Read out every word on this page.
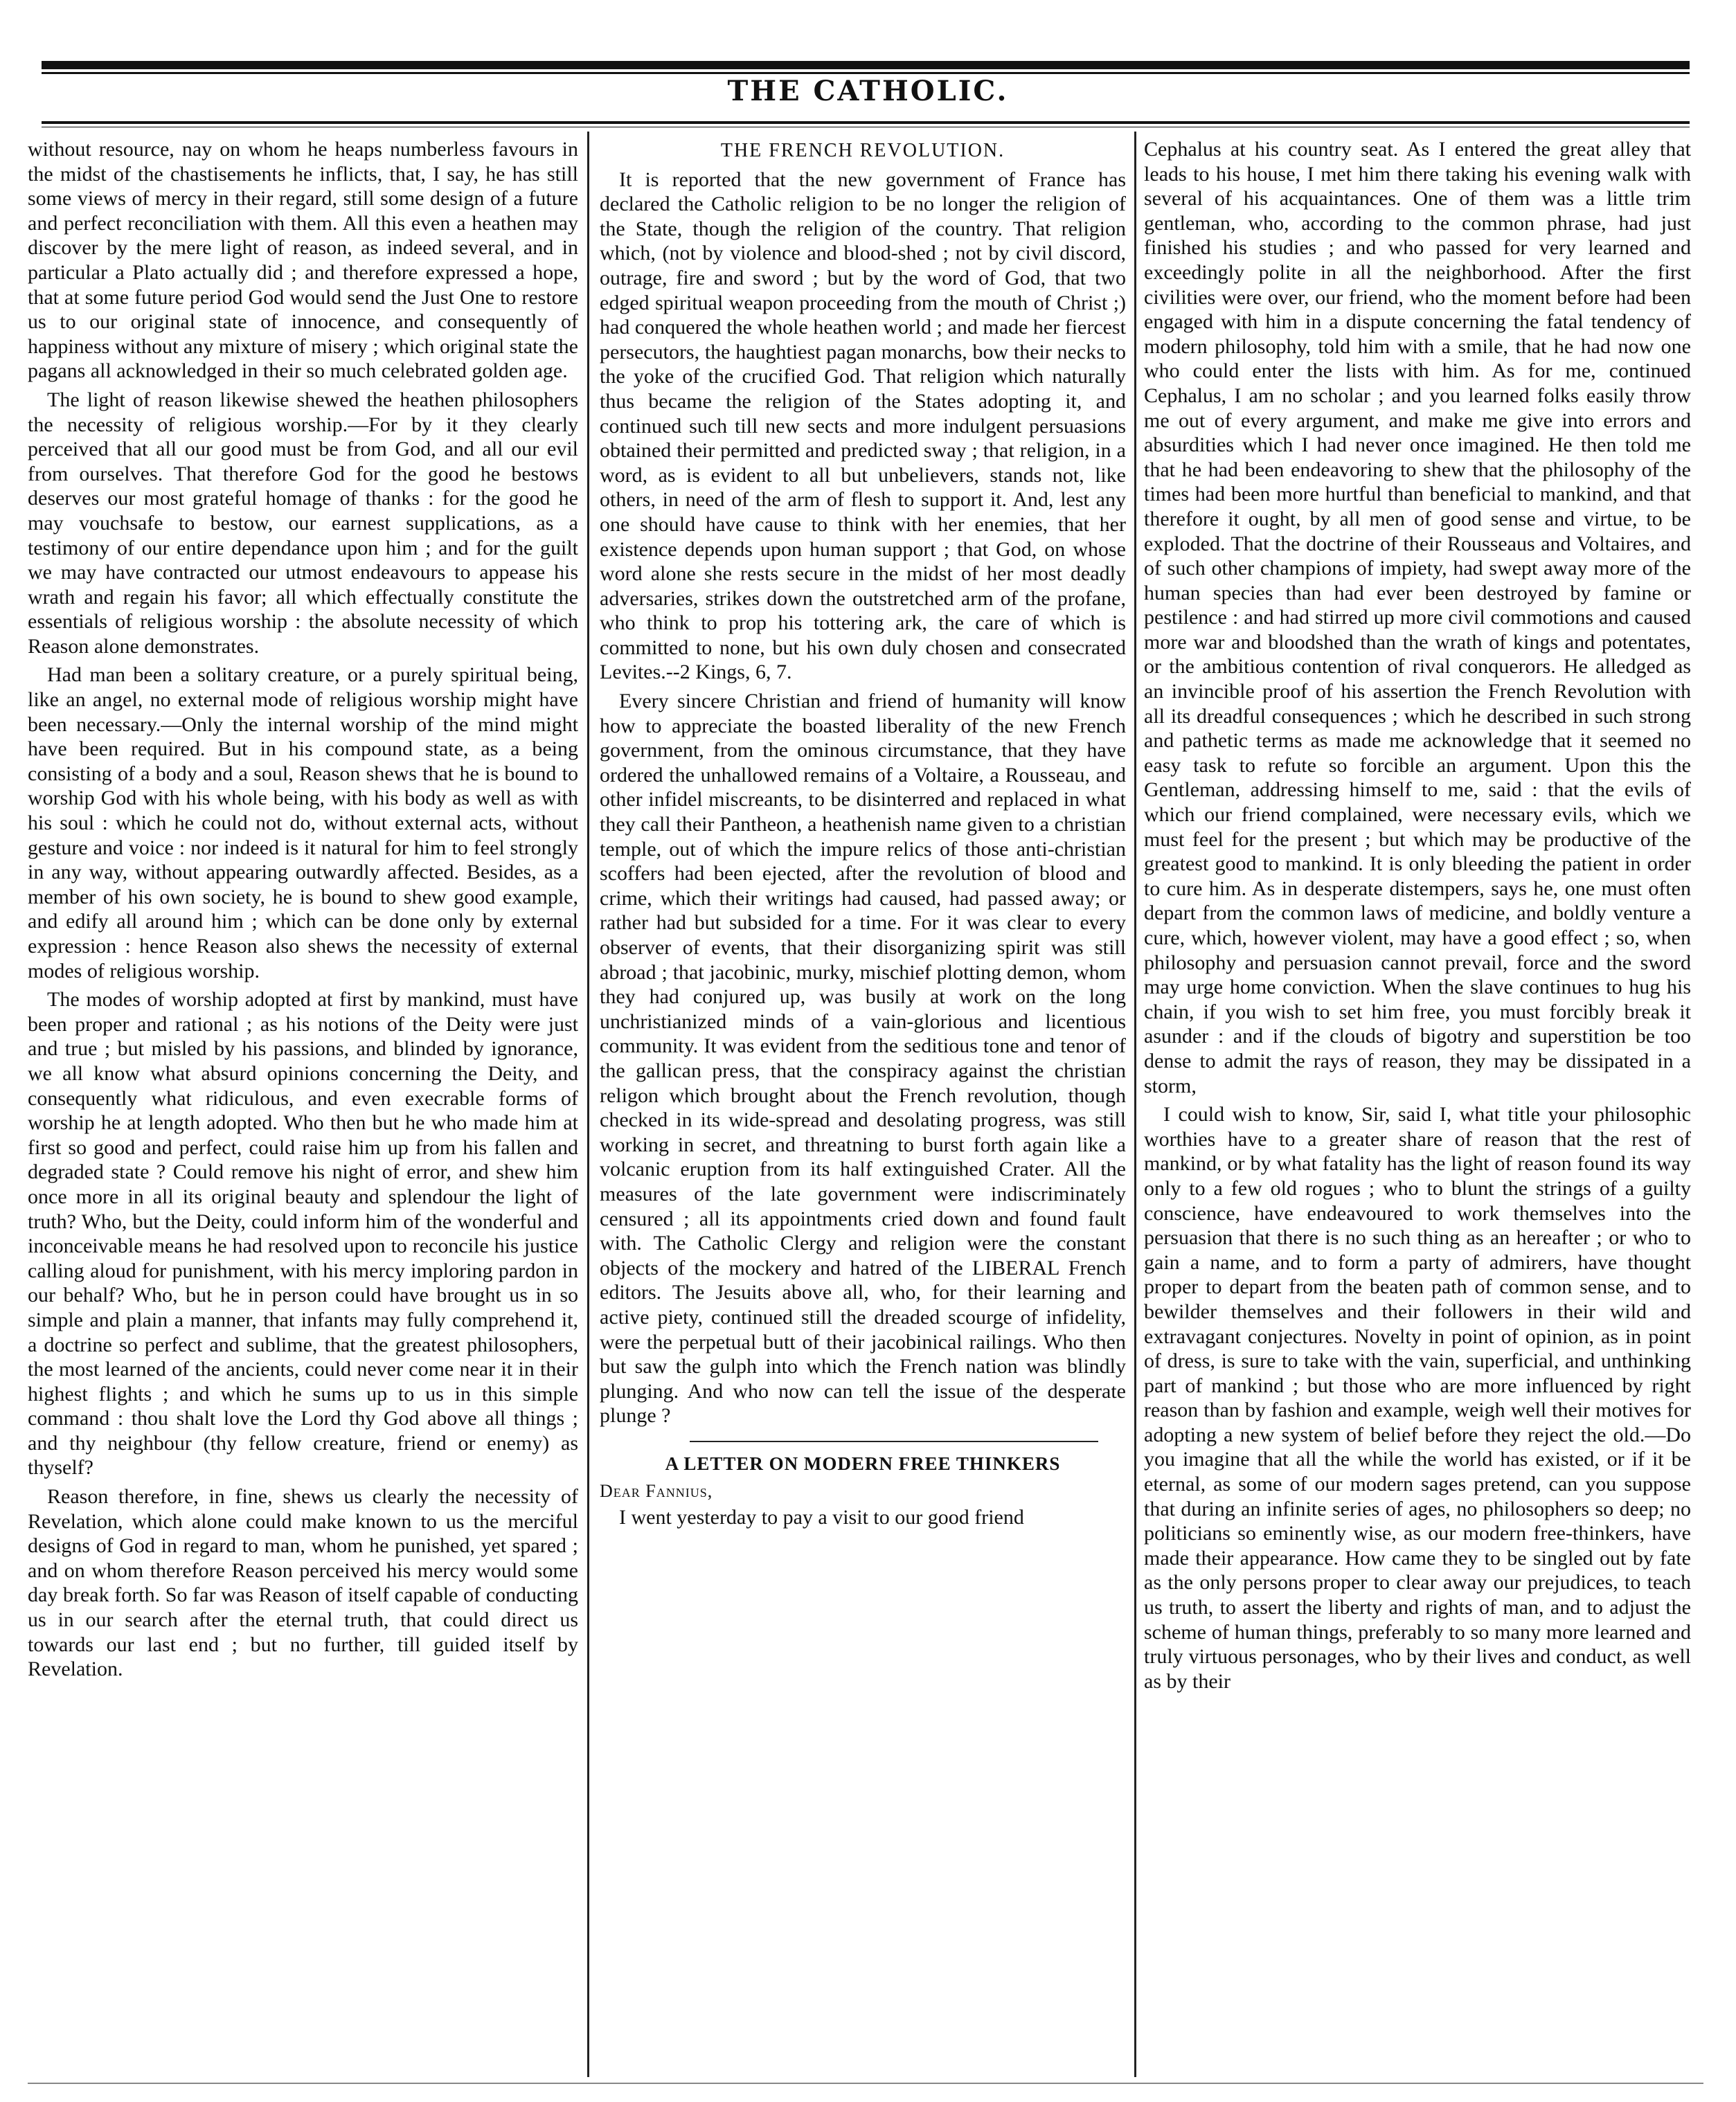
THE CATHOLIC.

without resource, nay on whom he heaps numberless favours in the midst of the chastisements he inflicts, that, I say, he has still some views of mercy in their regard, still some design of a future and perfect reconciliation with them. All this even a heathen may discover by the mere light of reason, as indeed several, and in particular a Plato actually did ; and therefore expressed a hope, that at some future period God would send the Just One to restore us to our original state of innocence, and consequently of happiness without any mixture of misery ; which original state the pagans all acknowledged in their so much celebrated golden age.

The light of reason likewise shewed the heathen philosophers the necessity of religious worship.—For by it they clearly perceived that all our good must be from God, and all our evil from ourselves. That therefore God for the good he bestows deserves our most grateful homage of thanks : for the good he may vouchsafe to bestow, our earnest supplications, as a testimony of our entire dependance upon him ; and for the guilt we may have contracted our utmost endeavours to appease his wrath and regain his favor; all which effectually constitute the essentials of religious worship : the absolute necessity of which Reason alone demonstrates.

Had man been a solitary creature, or a purely spiritual being, like an angel, no external mode of religious worship might have been necessary.—Only the internal worship of the mind might have been required. But in his compound state, as a being consisting of a body and a soul, Reason shews that he is bound to worship God with his whole being, with his body as well as with his soul : which he could not do, without external acts, without gesture and voice : nor indeed is it natural for him to feel strongly in any way, without appearing outwardly affected. Besides, as a member of his own society, he is bound to shew good example, and edify all around him ; which can be done only by external expression : hence Reason also shews the necessity of external modes of religious worship.

The modes of worship adopted at first by mankind, must have been proper and rational ; as his notions of the Deity were just and true ; but misled by his passions, and blinded by ignorance, we all know what absurd opinions concerning the Deity, and consequently what ridiculous, and even execrable forms of worship he at length adopted. Who then but he who made him at first so good and perfect, could raise him up from his fallen and degraded state ? Could remove his night of error, and shew him once more in all its original beauty and splendour the light of truth? Who, but the Deity, could inform him of the wonderful and inconceivable means he had resolved upon to reconcile his justice calling aloud for punishment, with his mercy imploring pardon in our behalf? Who, but he in person could have brought us in so simple and plain a manner, that infants may fully comprehend it, a doctrine so perfect and sublime, that the greatest philosophers, the most learned of the ancients, could never come near it in their highest flights ; and which he sums up to us in this simple command : thou shalt love the Lord thy God above all things ; and thy neighbour (thy fellow creature, friend or enemy) as thyself?

Reason therefore, in fine, shews us clearly the necessity of Revelation, which alone could make known to us the merciful designs of God in regard to man, whom he punished, yet spared ; and on whom therefore Reason perceived his mercy would some day break forth. So far was Reason of itself capable of conducting us in our search after the eternal truth, that could direct us towards our last end ; but no further, till guided itself by Revelation.

THE FRENCH REVOLUTION.

It is reported that the new government of France has declared the Catholic religion to be no longer the religion of the State, though the religion of the country. That religion which, (not by violence and blood-shed ; not by civil discord, outrage, fire and sword ; but by the word of God, that two edged spiritual weapon proceeding from the mouth of Christ ;) had conquered the whole heathen world ; and made her fiercest persecutors, the haughtiest pagan monarchs, bow their necks to the yoke of the crucified God. That religion which naturally thus became the religion of the States adopting it, and continued such till new sects and more indulgent persuasions obtained their permitted and predicted sway ; that religion, in a word, as is evident to all but unbelievers, stands not, like others, in need of the arm of flesh to support it. And, lest any one should have cause to think with her enemies, that her existence depends upon human support ; that God, on whose word alone she rests secure in the midst of her most deadly adversaries, strikes down the outstretched arm of the profane, who think to prop his tottering ark, the care of which is committed to none, but his own duly chosen and consecrated Levites.--2 Kings, 6, 7.

Every sincere Christian and friend of humanity will know how to appreciate the boasted liberality of the new French government, from the ominous circumstance, that they have ordered the unhallowed remains of a Voltaire, a Rousseau, and other infidel miscreants, to be disinterred and replaced in what they call their Pantheon, a heathenish name given to a christian temple, out of which the impure relics of those anti-christian scoffers had been ejected, after the revolution of blood and crime, which their writings had caused, had passed away; or rather had but subsided for a time. For it was clear to every observer of events, that their disorganizing spirit was still abroad ; that jacobinic, murky, mischief plotting demon, whom they had conjured up, was busily at work on the long unchristianized minds of a vain-glorious and licentious community. It was evident from the seditious tone and tenor of the gallican press, that the conspiracy against the christian religon which brought about the French revolution, though checked in its wide-spread and desolating progress, was still working in secret, and threatning to burst forth again like a volcanic eruption from its half extinguished Crater. All the measures of the late government were indiscriminately censured ; all its appointments cried down and found fault with. The Catholic Clergy and religion were the constant objects of the mockery and hatred of the LIBERAL French editors. The Jesuits above all, who, for their learning and active piety, continued still the dreaded scourge of infidelity, were the perpetual butt of their jacobinical railings. Who then but saw the gulph into which the French nation was blindly plunging. And who now can tell the issue of the desperate plunge ?

A LETTER ON MODERN FREE THINKERS
Dear Fannius,

I went yesterday to pay a visit to our good friend

Cephalus at his country seat. As I entered the great alley that leads to his house, I met him there taking his evening walk with several of his acquaintances. One of them was a little trim gentleman, who, according to the common phrase, had just finished his studies ; and who passed for very learned and exceedingly polite in all the neighborhood. After the first civilities were over, our friend, who the moment before had been engaged with him in a dispute concerning the fatal tendency of modern philosophy, told him with a smile, that he had now one who could enter the lists with him. As for me, continued Cephalus, I am no scholar ; and you learned folks easily throw me out of every argument, and make me give into errors and absurdities which I had never once imagined. He then told me that he had been endeavoring to shew that the philosophy of the times had been more hurtful than beneficial to mankind, and that therefore it ought, by all men of good sense and virtue, to be exploded. That the doctrine of their Rousseaus and Voltaires, and of such other champions of impiety, had swept away more of the human species than had ever been destroyed by famine or pestilence : and had stirred up more civil commotions and caused more war and bloodshed than the wrath of kings and potentates, or the ambitious contention of rival conquerors. He alledged as an invincible proof of his assertion the French Revolution with all its dreadful consequences ; which he described in such strong and pathetic terms as made me acknowledge that it seemed no easy task to refute so forcible an argument. Upon this the Gentleman, addressing himself to me, said : that the evils of which our friend complained, were necessary evils, which we must feel for the present ; but which may be productive of the greatest good to mankind. It is only bleeding the patient in order to cure him. As in desperate distempers, says he, one must often depart from the common laws of medicine, and boldly venture a cure, which, however violent, may have a good effect ; so, when philosophy and persuasion cannot prevail, force and the sword may urge home conviction. When the slave continues to hug his chain, if you wish to set him free, you must forcibly break it asunder : and if the clouds of bigotry and superstition be too dense to admit the rays of reason, they may be dissipated in a storm,

I could wish to know, Sir, said I, what title your philosophic worthies have to a greater share of reason that the rest of mankind, or by what fatality has the light of reason found its way only to a few old rogues ; who to blunt the strings of a guilty conscience, have endeavoured to work themselves into the persuasion that there is no such thing as an hereafter ; or who to gain a name, and to form a party of admirers, have thought proper to depart from the beaten path of common sense, and to bewilder themselves and their followers in their wild and extravagant conjectures. Novelty in point of opinion, as in point of dress, is sure to take with the vain, superficial, and unthinking part of mankind ; but those who are more influenced by right reason than by fashion and example, weigh well their motives for adopting a new system of belief before they reject the old.—Do you imagine that all the while the world has existed, or if it be eternal, as some of our modern sages pretend, can you suppose that during an infinite series of ages, no philosophers so deep; no politicians so eminently wise, as our modern free-thinkers, have made their appearance. How came they to be singled out by fate as the only persons proper to clear away our prejudices, to teach us truth, to assert the liberty and rights of man, and to adjust the scheme of human things, preferably to so many more learned and truly virtuous personages, who by their lives and conduct, as well as by their
